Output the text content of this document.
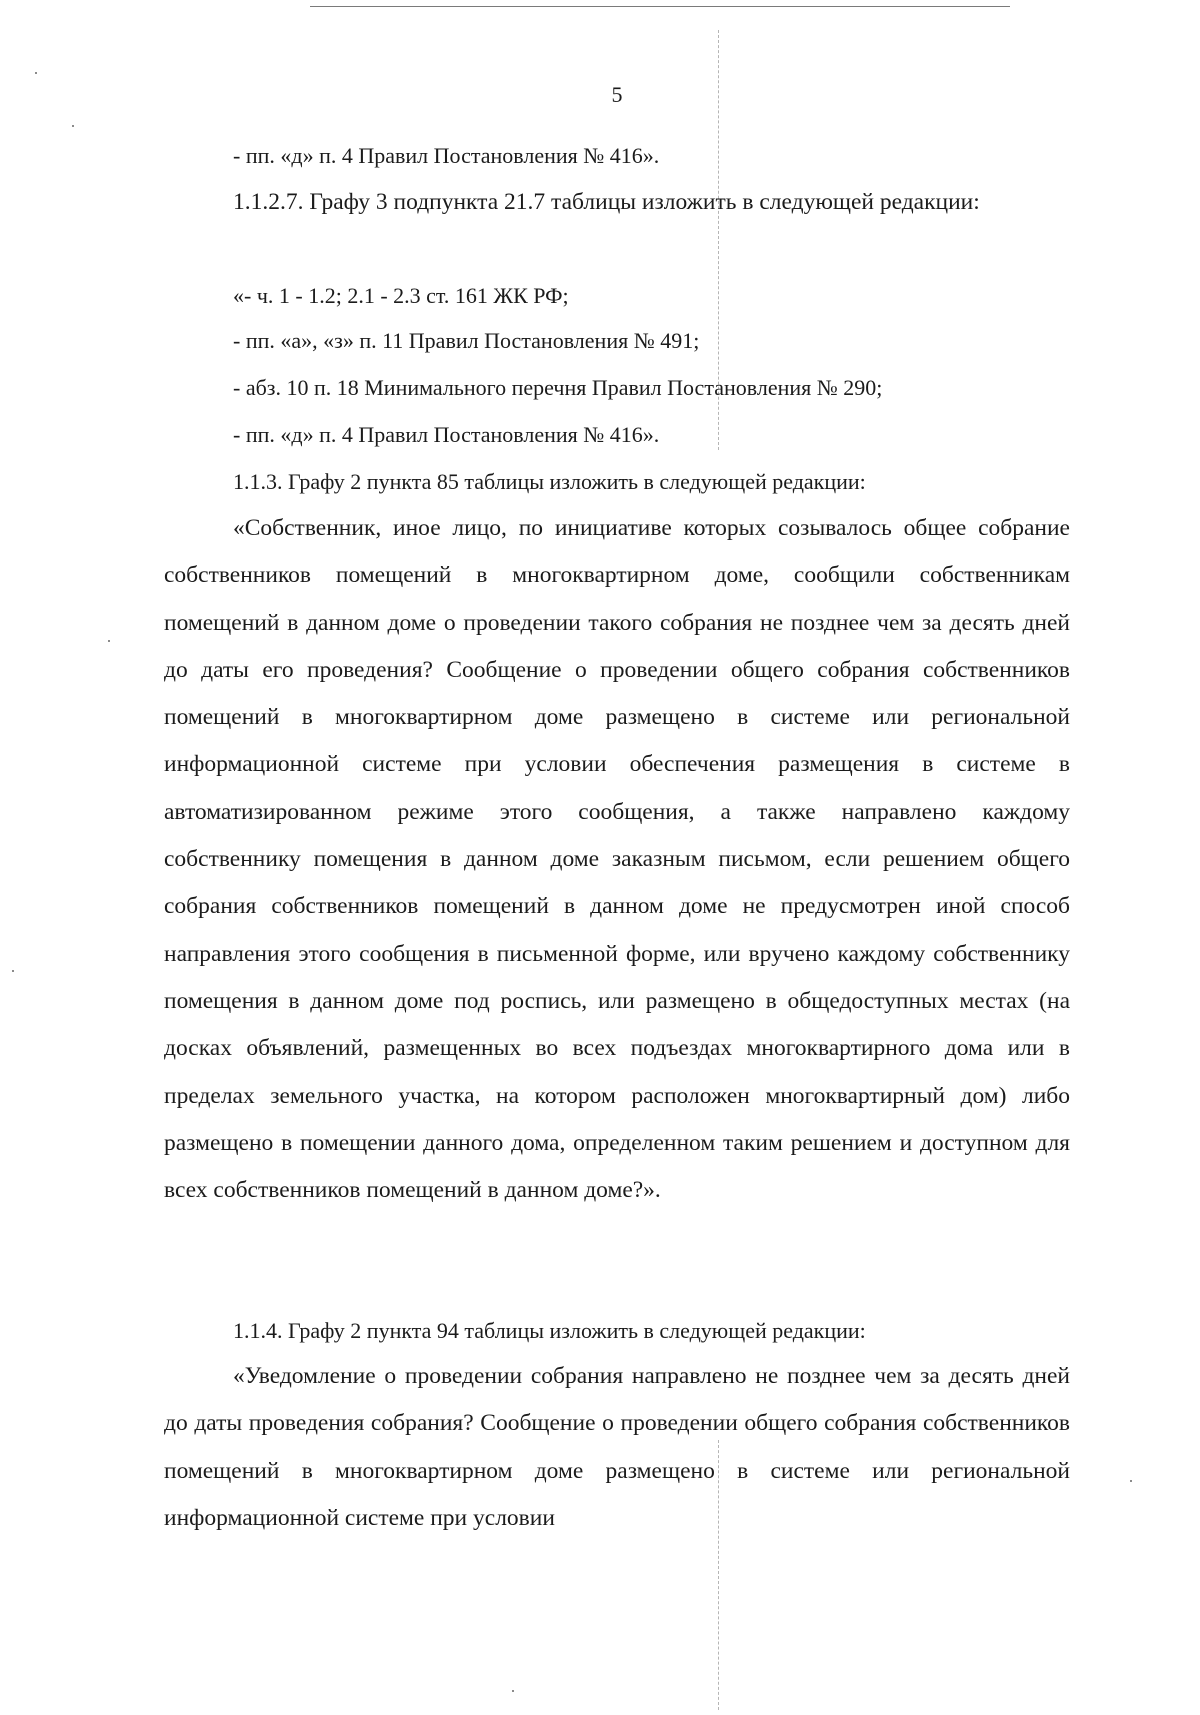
5
- пп. «д» п. 4 Правил Постановления № 416».
1.1.2.7. Графу 3 подпункта 21.7 таблицы изложить в следующей редакции:
«- ч. 1 - 1.2; 2.1 - 2.3 ст. 161 ЖК РФ;
- пп. «а», «з» п. 11 Правил Постановления № 491;
- абз. 10 п. 18 Минимального перечня Правил Постановления № 290;
- пп. «д» п. 4 Правил Постановления № 416».
1.1.3. Графу 2 пункта 85 таблицы изложить в следующей редакции:
«Собственник, иное лицо, по инициативе которых созывалось общее собрание собственников помещений в многоквартирном доме, сообщили собственникам помещений в данном доме о проведении такого собрания не позднее чем за десять дней до даты его проведения? Сообщение о проведении общего собрания собственников помещений в многоквартирном доме размещено в системе или региональной информационной системе при условии обеспечения размещения в системе в автоматизированном режиме этого сообщения, а также направлено каждому собственнику помещения в данном доме заказным письмом, если решением общего собрания собственников помещений в данном доме не предусмотрен иной способ направления этого сообщения в письменной форме, или вручено каждому собственнику помещения в данном доме под роспись, или размещено в общедоступных местах (на досках объявлений, размещенных во всех подъездах многоквартирного дома или в пределах земельного участка, на котором расположен многоквартирный дом) либо размещено в помещении данного дома, определенном таким решением и доступном для всех собственников помещений в данном доме?».
1.1.4. Графу 2 пункта 94 таблицы изложить в следующей редакции:
«Уведомление о проведении собрания направлено не позднее чем за десять дней до даты проведения собрания? Сообщение о проведении общего собрания собственников помещений в многоквартирном доме размещено в системе или региональной информационной системе при условии
